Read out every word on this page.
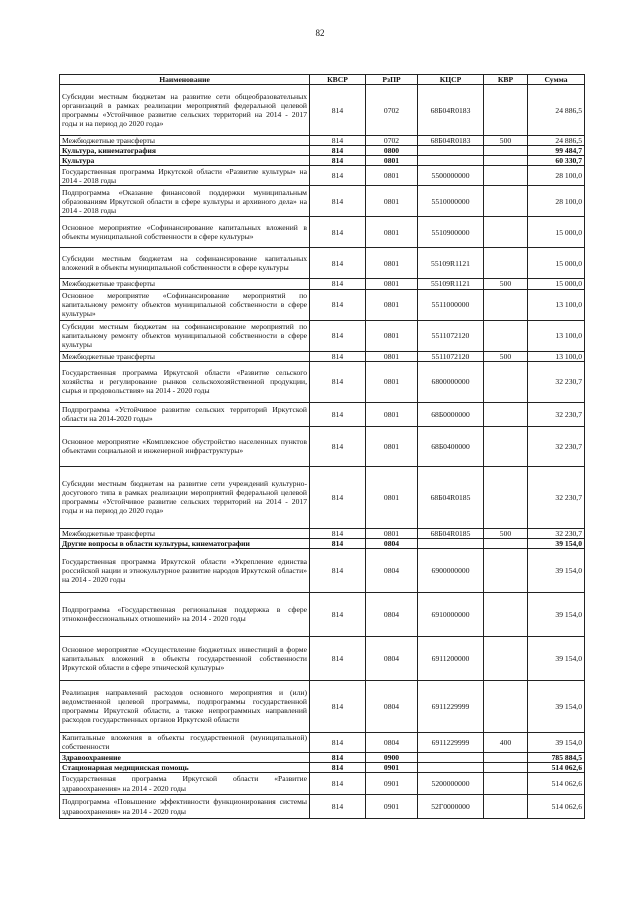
82
Наименование	КВСР	РзПР	КЦСР	КВР	Сумма
Субсидии местным бюджетам на развитие сети общеобразовательных организаций в рамках реализации мероприятий федеральной целевой программы «Устойчивое развитие сельских территорий на 2014 - 2017 годы и на период до 2020 года»	814	0702	68Б04R0183		24 886,5
Межбюджетные трансферты	814	0702	68Б04R0183	500	24 886,5
Культура, кинематография	814	0800			99 484,7
Культура	814	0801			60 330,7
Государственная программа Иркутской области «Развитие культуры» на 2014 - 2018 годы	814	0801	5500000000		28 100,0
Подпрограмма «Оказание финансовой поддержки муниципальным образованиям Иркутской области в сфере культуры и архивного дела» на 2014 - 2018 годы	814	0801	5510000000		28 100,0
Основное мероприятие «Софинансирование капитальных вложений в объекты муниципальной собственности в сфере культуры»	814	0801	5510900000		15 000,0
Субсидии местным бюджетам на софинансирование капитальных вложений в объекты муниципальной собственности в сфере культуры	814	0801	55109R1121		15 000,0
Межбюджетные трансферты	814	0801	55109R1121	500	15 000,0
Основное мероприятие «Софинансирование мероприятий по капитальному ремонту объектов муниципальной собственности в сфере культуры»	814	0801	5511000000		13 100,0
Субсидии местным бюджетам на софинансирование мероприятий по капитальному ремонту объектов муниципальной собственности в сфере культуры	814	0801	5511072120		13 100,0
Межбюджетные трансферты	814	0801	5511072120	500	13 100,0
Государственная программа Иркутской области «Развитие сельского хозяйства и регулирование рынков сельскохозяйственной продукции, сырья и продовольствия» на 2014 - 2020 годы	814	0801	6800000000		32 230,7
Подпрограмма «Устойчивое развитие сельских территорий Иркутской области на 2014-2020 годы»	814	0801	68Б0000000		32 230,7
Основное мероприятие «Комплексное обустройство населенных пунктов объектами социальной и инженерной инфраструктуры»	814	0801	68Б0400000		32 230,7
Субсидии местным бюджетам на развитие сети учреждений культурно-досугового типа в рамках реализации мероприятий федеральной целевой программы «Устойчивое развитие сельских территорий на 2014 - 2017 годы и на период до 2020 года»	814	0801	68Б04R0185		32 230,7
Межбюджетные трансферты	814	0801	68Б04R0185	500	32 230,7
Другие вопросы в области культуры, кинематографии	814	0804			39 154,0
Государственная программа Иркутской области «Укрепление единства российской нации и этнокультурное развитие народов Иркутской области» на 2014 - 2020 годы	814	0804	6900000000		39 154,0
Подпрограмма «Государственная региональная поддержка в сфере этноконфессиональных отношений» на 2014 - 2020 годы	814	0804	6910000000		39 154,0
Основное мероприятие «Осуществление бюджетных инвестиций в форме капитальных вложений в объекты государственной собственности Иркутской области в сфере этнической культуры»	814	0804	6911200000		39 154,0
Реализация направлений расходов основного мероприятия и (или) ведомственной целевой программы, подпрограммы государственной программы Иркутской области, а также непрограммных направлений расходов государственных органов Иркутской области	814	0804	6911229999		39 154,0
Капитальные вложения в объекты государственной (муниципальной) собственности	814	0804	6911229999	400	39 154,0
Здравоохранение	814	0900			785 884,5
Стационарная медицинская помощь	814	0901			514 062,6
Государственная программа Иркутской области «Развитие здравоохранения» на 2014 - 2020 годы	814	0901	5200000000		514 062,6
Подпрограмма «Повышение эффективности функционирования системы здравоохранения» на 2014 - 2020 годы	814	0901	52Г0000000		514 062,6
